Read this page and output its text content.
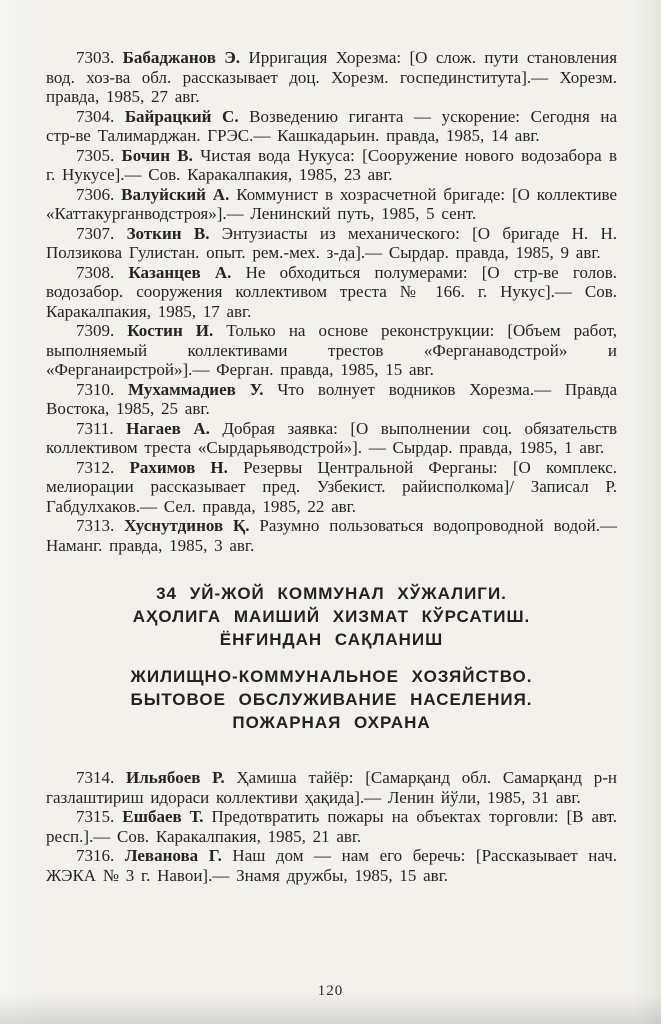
7303. Бабаджанов Э. Ирригация Хорезма: [О слож. пути становления вод. хоз-ва обл. рассказывает доц. Хорезм. госпединститута].— Хорезм. правда, 1985, 27 авг.

7304. Байрацкий С. Возведению гиганта — ускорение: Сегодня на стр-ве Талимарджан. ГРЭС.— Кашкадарьин. правда, 1985, 14 авг.

7305. Бочин В. Чистая вода Нукуса: [Сооружение нового водозабора в г. Нукусе].— Сов. Каракалпакия, 1985, 23 авг.

7306. Валуйский А. Коммунист в хозрасчетной бригаде: [О коллективе «Каттакурганводстроя»].— Ленинский путь, 1985, 5 сент.

7307. Зоткин В. Энтузиасты из механического: [О бригаде Н. Н. Ползикова Гулистан. опыт. рем.-мех. з-да].— Сырдар. правда, 1985, 9 авг.

7308. Казанцев А. Не обходиться полумерами: [О стр-ве голов. водозабор. сооружения коллективом треста № 166. г. Нукус].— Сов. Каракалпакия, 1985, 17 авг.

7309. Костин И. Только на основе реконструкции: [Объем работ, выполняемый коллективами трестов «Ферганаводстрой» и «Ферганаирстрой»].— Ферган. правда, 1985, 15 авг.

7310. Мухаммадиев У. Что волнует водников Хорезма.— Правда Востока, 1985, 25 авг.

7311. Нагаев А. Добрая заявка: [О выполнении соц. обязательств коллективом треста «Сырдарьяводстрой»]. — Сырдар. правда, 1985, 1 авг.

7312. Рахимов Н. Резервы Центральной Ферганы: [О комплекс. мелиорации рассказывает пред. Узбекист. райисполкома]/ Записал Р. Габдулхаков.— Сел. правда, 1985, 22 авг.

7313. Хуснутдинов Қ. Разумно пользоваться водопроводной водой.— Наманг. правда, 1985, 3 авг.

34 УЙ-ЖОЙ КОММУНАЛ ХЎЖАЛИГИ.
АҲОЛИГА МАИШИЙ ХИЗМАТ КЎРСАТИШ.
ЁНҒИНДАН САҚЛАНИШ
ЖИЛИЩНО-КОММУНАЛЬНОЕ ХОЗЯЙСТВО.
БЫТОВОЕ ОБСЛУЖИВАНИЕ НАСЕЛЕНИЯ.
ПОЖАРНАЯ ОХРАНА

7314. Ильябоев Р. Ҳамиша тайёр: [Самарқанд обл. Самарқанд р-н газлаштириш идораси коллективи ҳақида].— Ленин йўли, 1985, 31 авг.

7315. Ешбаев Т. Предотвратить пожары на объектах торговли: [В авт. респ.].— Сов. Каракалпакия, 1985, 21 авг.

7316. Леванова Г. Наш дом — нам его беречь: [Рассказывает нач. ЖЭКА № 3 г. Навои].— Знамя дружбы, 1985, 15 авг.

120
